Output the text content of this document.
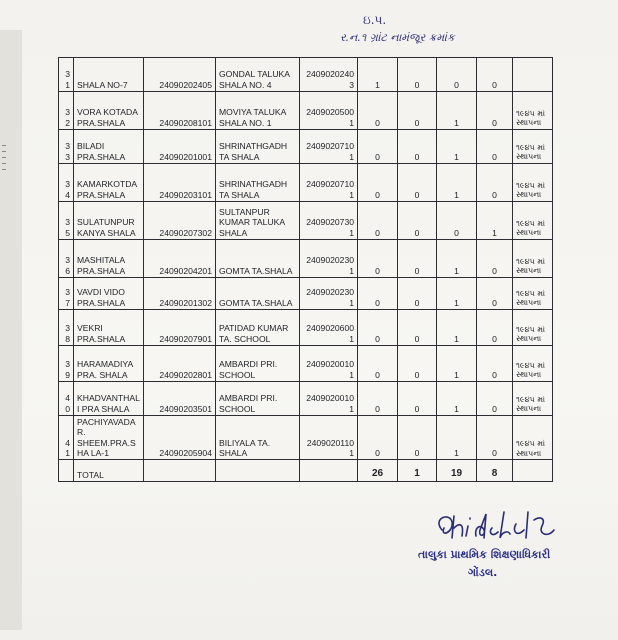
ઇ.પ.
ર.ન.૧ ગ્રાંટ નામંજૂર ક્રમાંક
31	SHALA NO-7	24090202405	GONDAL TALUKA SHALA NO. 4	24090202403	1	0	0	0	
32	VORA KOTADA PRA.SHALA	24090208101	MOVIYA TALUKA SHALA NO. 1	24090205001	0	0	1	0	૧૯૪૫ માં સ્થાપના
33	BILADI PRA.SHALA	24090201001	SHRINATHGADH TA SHALA	24090207101	0	0	1	0	૧૯૪૫ માં સ્થાપના
34	KAMARKOTDA PRA.SHALA	24090203101	SHRINATHGADH TA SHALA	24090207101	0	0	1	0	૧૯૪૫ માં સ્થાપના
35	SULATUNPUR KANYA SHALA	24090207302	SULTANPUR KUMAR TALUKA SHALA	24090207301	0	0	0	1	૧૯૪૫ માં સ્થાપના
36	MASHITALA PRA.SHALA	24090204201	GOMTA TA.SHALA	24090202301	0	0	1	0	૧૯૪૫ માં સ્થાપના
37	VAVDI VIDO PRA.SHALA	24090201302	GOMTA TA.SHALA	24090202301	0	0	1	0	૧૯૪૫ માં સ્થાપના
38	VEKRI PRA.SHALA	24090207901	PATIDAD KUMAR TA. SCHOOL	24090206001	0	0	1	0	૧૯૪૫ માં સ્થાપના
39	HARAMADIYA PRA. SHALA	24090202801	AMBARDI PRI. SCHOOL	24090200101	0	0	1	0	૧૯૪૫ માં સ્થાપના
40	KHADVANTHALI PRA SHALA	24090203501	AMBARDI PRI. SCHOOL	24090200101	0	0	1	0	૧૯૪૫ માં સ્થાપના
41	PACHIYAVADAR. SHEEM.PRA.SHA LA-1	24090205904	BILIYALA TA. SHALA	24090201101	0	0	1	0	૧૯૪૫ માં સ્થાપના
	TOTAL				26	1	19	8	
તાલુકા પ્રાથમિક શિક્ષણાધિકારી
ગોંડલ.
